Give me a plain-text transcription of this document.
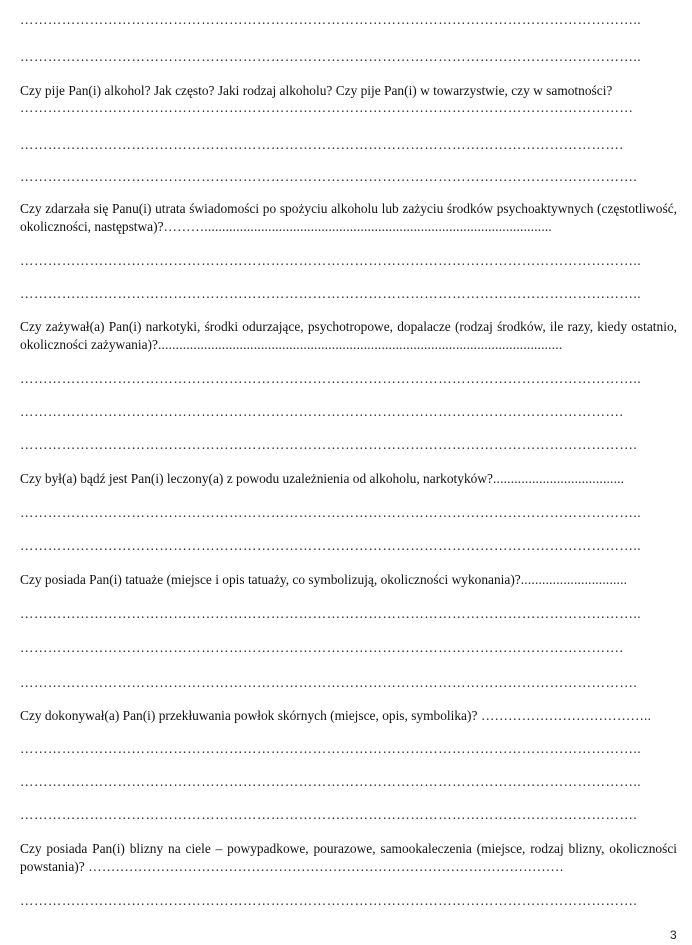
……………………………………………………………………………………………………………………..
……………………………………………………………………………………………………………………..
Czy pije Pan(i) alkohol? Jak często? Jaki rodzaj alkoholu? Czy pije Pan(i) w towarzystwie, czy w samotności?
……………………………………………………………………………………………………………………
………………………………………………………………………………………………………………….
…………………………………………………………………………………………………………………….
Czy zdarzała się Panu(i) utrata świadomości po spożyciu alkoholu lub zażyciu środków psychoaktywnych (częstotliwość, okoliczności, następstwa)?………..................................................................................................
……………………………………………………………………………………………………………………..
……………………………………………………………………………………………………………………..
Czy zażywał(a) Pan(i) narkotyki, środki odurzające, psychotropowe, dopalacze (rodzaj środków, ile razy, kiedy ostatnio, okoliczności zażywania)?..................................................................................................................
……………………………………………………………………………………………………………………..
………………………………………………………………………………………………………………….
…………………………………………………………………………………………………………………….
Czy był(a) bądź jest Pan(i) leczony(a) z powodu uzależnienia od alkoholu, narkotyków?.....................................
……………………………………………………………………………………………………………………..
……………………………………………………………………………………………………………………..
Czy posiada Pan(i) tatuaże (miejsce i opis tatuaży, co symbolizują, okoliczności wykonania)?..............................
……………………………………………………………………………………………………………………..
………………………………………………………………………………………………………………….
…………………………………………………………………………………………………………………….
Czy dokonywał(a) Pan(i) przekłuwania powłok skórnych (miejsce, opis, symbolika)? ………………………………..
……………………………………………………………………………………………………………………..
……………………………………………………………………………………………………………………..
…………………………………………………………………………………………………………………….
Czy posiada Pan(i) blizny na ciele – powypadkowe, pourazowe, samookaleczenia (miejsce, rodzaj blizny, okoliczności powstania)? ……………………………………………………………………………………………
…………………………………………………………………………………………………………………….
3
